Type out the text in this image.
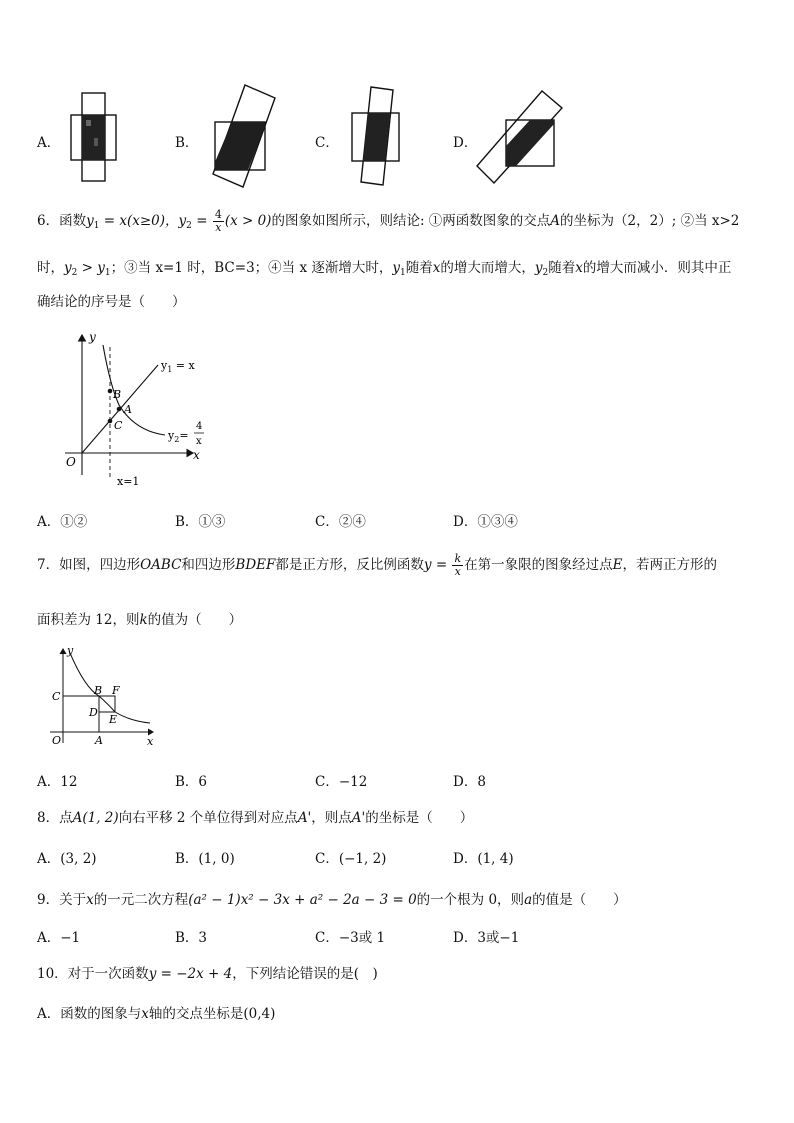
A．	B．	C．	D．
6．函数$y_1 = x(x\ge 0)$，$y_2 = \frac{4}{x} (x > 0)$的图象如图所示，则结论: ①两函数图象的交点A的坐标为（2，2）; ②当 x>2
时，$y_2 > y_1$；③当 x=1 时，BC=3；④当 x 逐渐增大时，$y_1$随着x的增大而增大，$y_2$随着x的增大而减小．则其中正
确结论的序号是（　　）
y
x
O
B
A
C
$y_1 = x$
$y_2=$
4
x
x=1
A．①②	B．①③	C．②④	D．①③④
7．如图，四边形OABC和四边形BDEF都是正方形，反比例函数$y = \frac{k}{x}$ 在第一象限的图象经过点E，若两正方形的
面积差为 12，则k的值为（　　）
y
x
O	A
C	B F
D
E
A．12	B．6	C．−12	D．8
8．点A(1, 2)向右平移 2 个单位得到对应点A'，则点A'的坐标是（　　）
A．(3, 2)	B．(1, 0)	C．(−1, 2)	D．(1, 4)
9．关于x的一元二次方程(a² − 1)x² − 3x + a² − 2a − 3 = 0的一个根为 0，则a的值是（　　）
A．−1	B．3	C．−3或 1	D．3或−1
10．对于一次函数y = −2x + 4，下列结论错误的是(　)
A．函数的图象与x轴的交点坐标是(0,4)
